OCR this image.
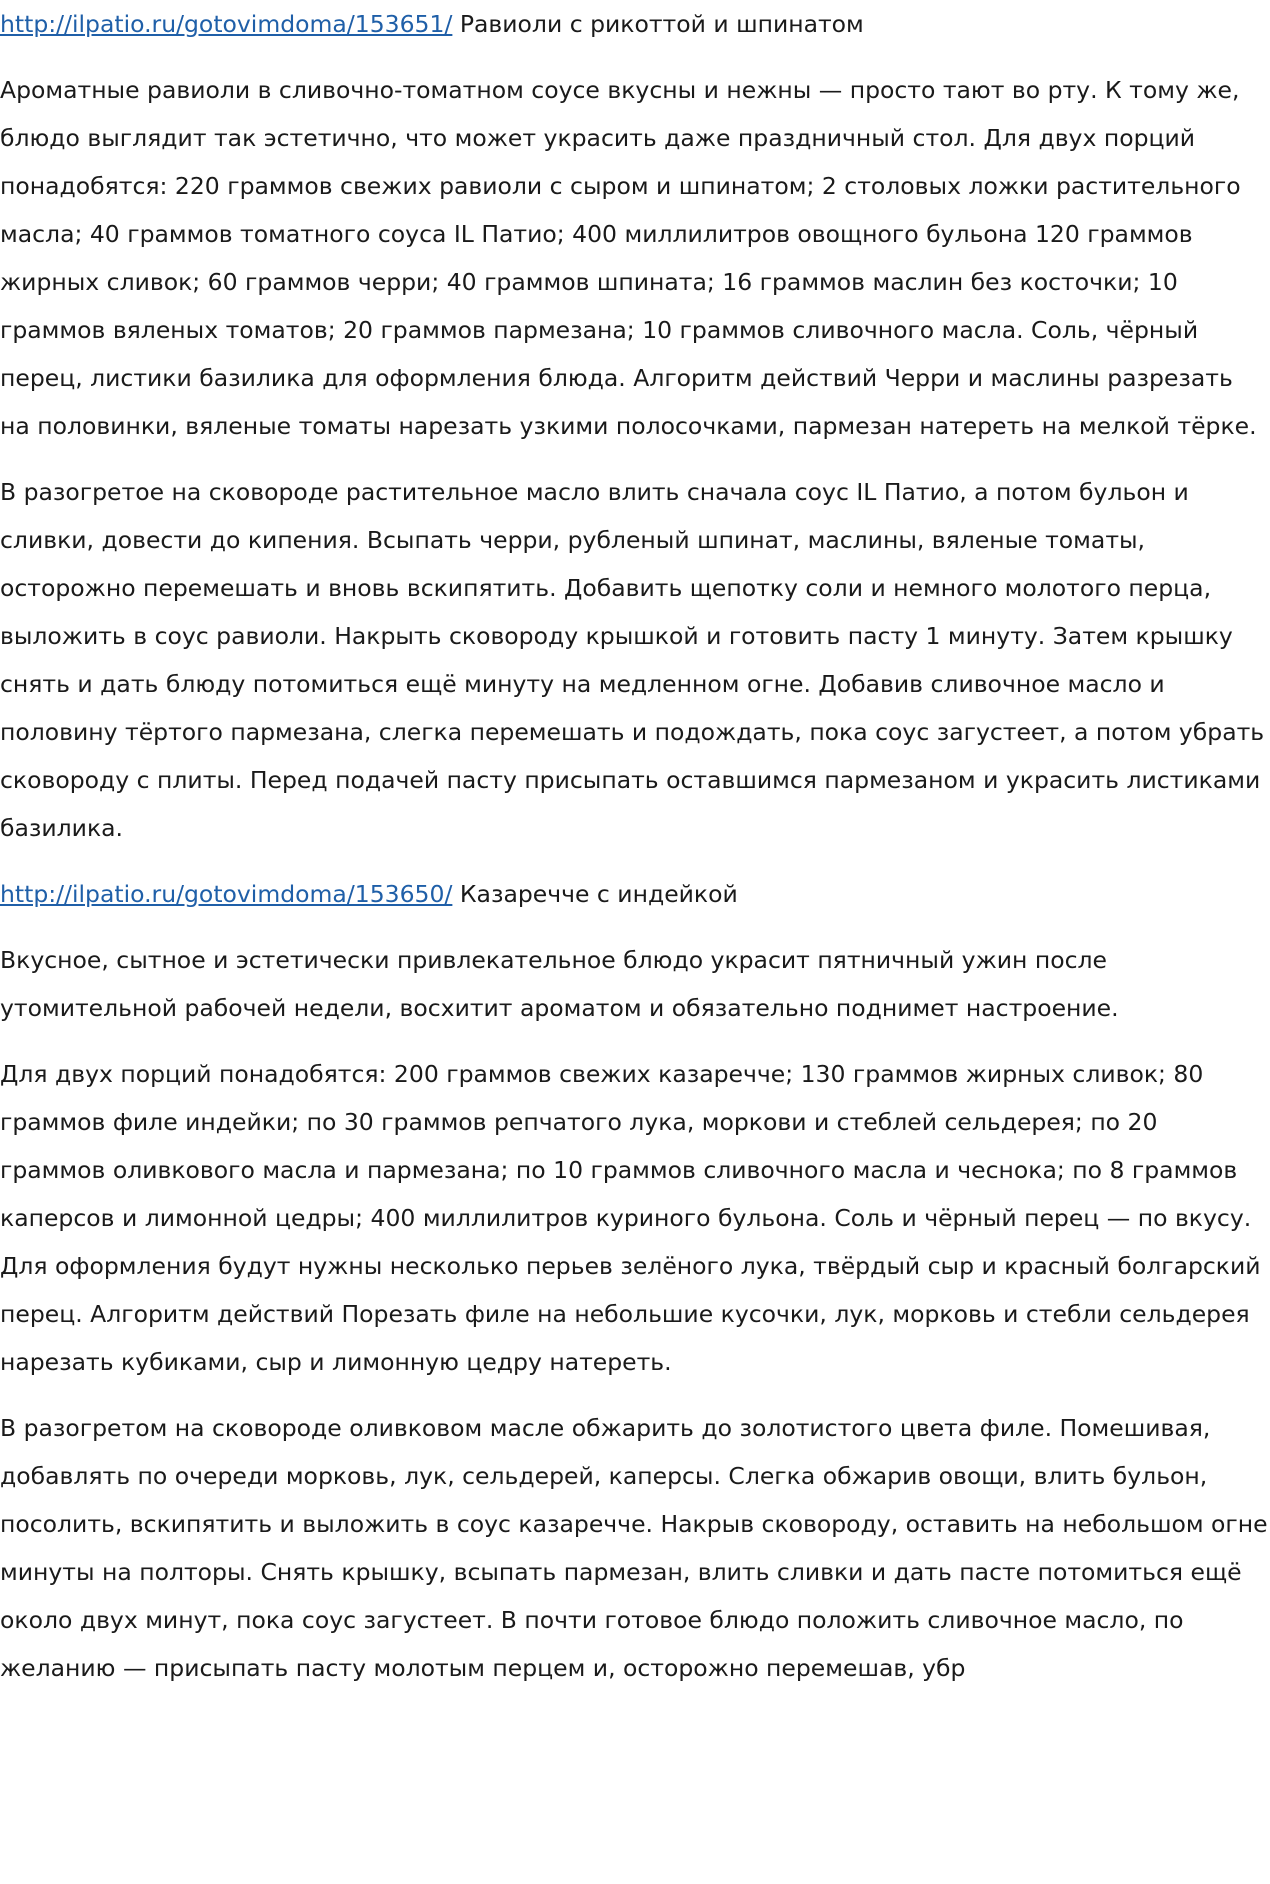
http://ilpatio.ru/gotovimdoma/153651/ Равиоли с рикоттой и шпинатом

Ароматные равиоли в сливочно-томатном соусе вкусны и нежны — просто тают во рту. К тому же, блюдо выглядит так эстетично, что может украсить даже праздничный стол. Для двух порций понадобятся: 220 граммов свежих равиоли с сыром и шпинатом; 2 столовых ложки растительного масла; 40 граммов томатного соуса IL Патио; 400 миллилитров овощного бульона 120 граммов жирных сливок; 60 граммов черри; 40 граммов шпината; 16 граммов маслин без косточки; 10 граммов вяленых томатов; 20 граммов пармезана; 10 граммов сливочного масла. Соль, чёрный перец, листики базилика для оформления блюда. Алгоритм действий Черри и маслины разрезать на половинки, вяленые томаты нарезать узкими полосочками, пармезан натереть на мелкой тёрке.

В разогретое на сковороде растительное масло влить сначала соус IL Патио, а потом бульон и сливки, довести до кипения. Всыпать черри, рубленый шпинат, маслины, вяленые томаты, осторожно перемешать и вновь вскипятить. Добавить щепотку соли и немного молотого перца, выложить в соус равиоли. Накрыть сковороду крышкой и готовить пасту 1 минуту. Затем крышку снять и дать блюду потомиться ещё минуту на медленном огне. Добавив сливочное масло и половину тёртого пармезана, слегка перемешать и подождать, пока соус загустеет, а потом убрать сковороду с плиты. Перед подачей пасту присыпать оставшимся пармезаном и украсить листиками базилика.

http://ilpatio.ru/gotovimdoma/153650/ Казаречче с индейкой

Вкусное, сытное и эстетически привлекательное блюдо украсит пятничный ужин после утомительной рабочей недели, восхитит ароматом и обязательно поднимет настроение.

Для двух порций понадобятся: 200 граммов свежих казаречче; 130 граммов жирных сливок; 80 граммов филе индейки; по 30 граммов репчатого лука, моркови и стеблей сельдерея; по 20 граммов оливкового масла и пармезана; по 10 граммов сливочного масла и чеснока; по 8 граммов каперсов и лимонной цедры; 400 миллилитров куриного бульона. Соль и чёрный перец — по вкусу. Для оформления будут нужны несколько перьев зелёного лука, твёрдый сыр и красный болгарский перец. Алгоритм действий Порезать филе на небольшие кусочки, лук, морковь и стебли сельдерея нарезать кубиками, сыр и лимонную цедру натереть.

В разогретом на сковороде оливковом масле обжарить до золотистого цвета филе. Помешивая, добавлять по очереди морковь, лук, сельдерей, каперсы. Слегка обжарив овощи, влить бульон, посолить, вскипятить и выложить в соус казаречче. Накрыв сковороду, оставить на небольшом огне минуты на полторы. Снять крышку, всыпать пармезан, влить сливки и дать пасте потомиться ещё около двух минут, пока соус загустеет. В почти готовое блюдо положить сливочное масло, по желанию — присыпать пасту молотым перцем и, осторожно перемешав, убр
